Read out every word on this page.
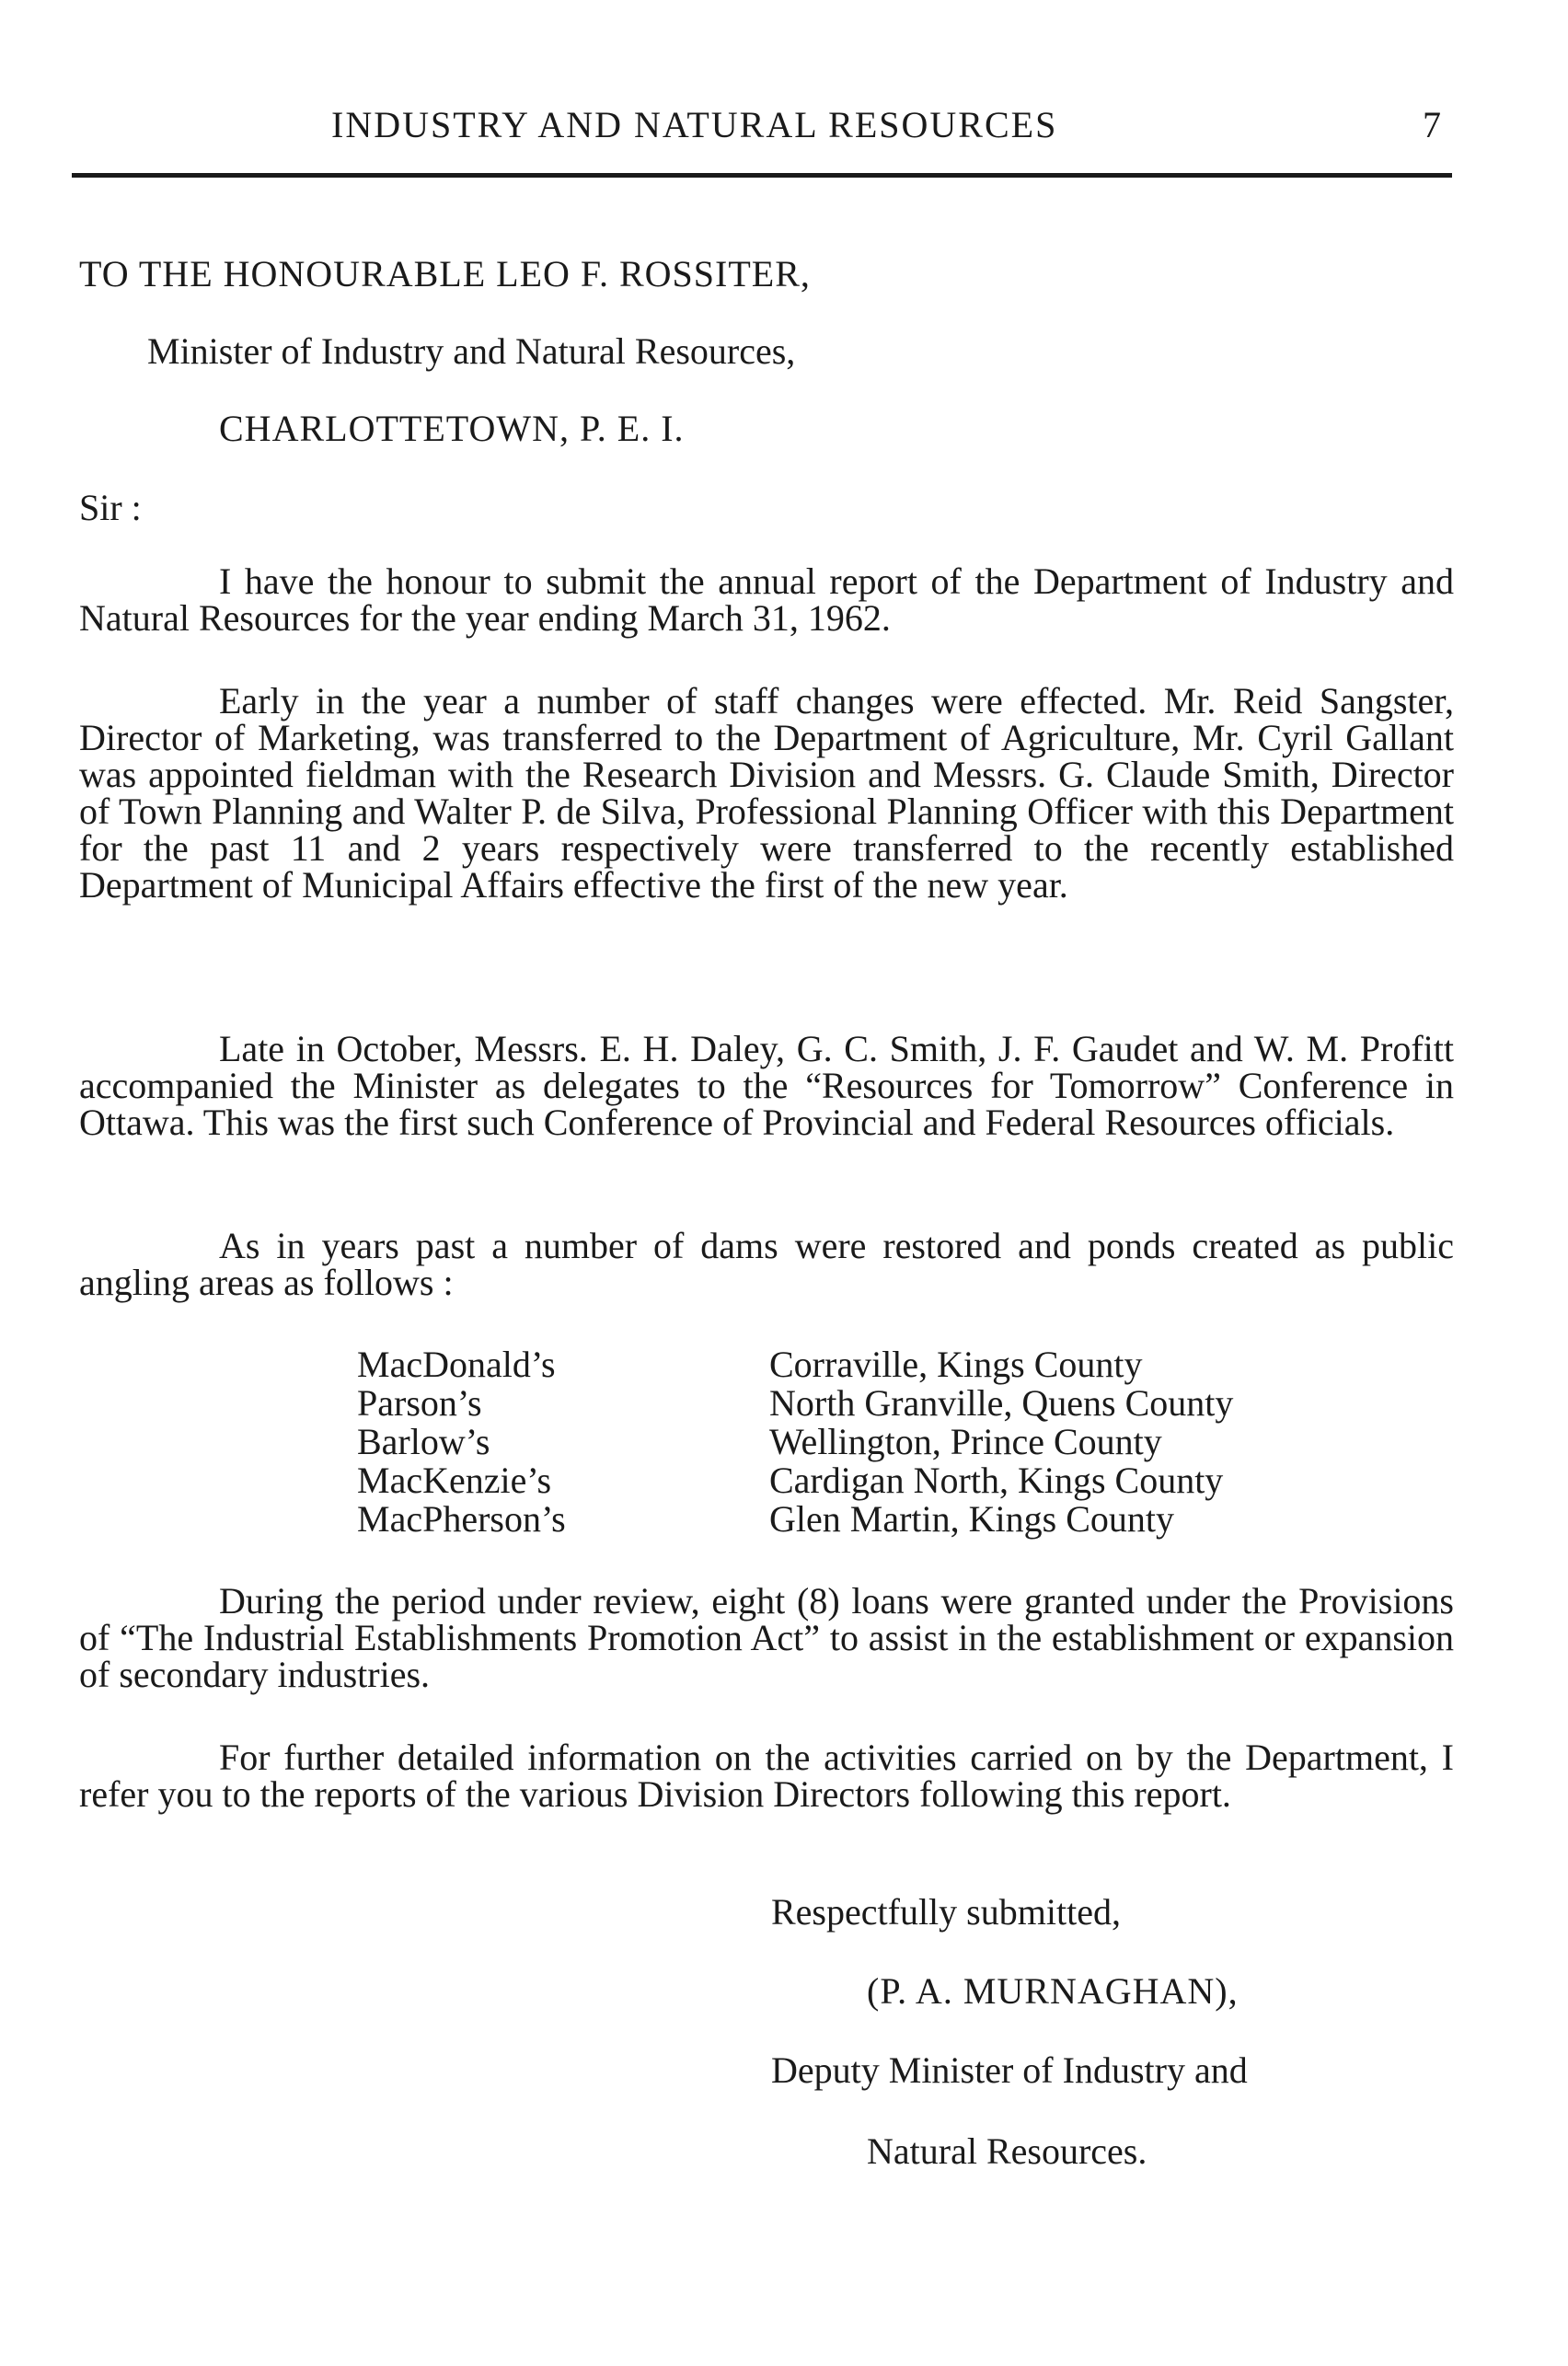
INDUSTRY AND NATURAL RESOURCES	7
TO THE HONOURABLE LEO F. ROSSITER,
Minister of Industry and Natural Resources,
CHARLOTTETOWN, P. E. I.
Sir :

I have the honour to submit the annual report of the Department of Industry and Natural Resources for the year ending March 31, 1962.

Early in the year a number of staff changes were effected. Mr. Reid Sangster, Director of Marketing, was transferred to the Department of Agriculture, Mr. Cyril Gallant was appointed fieldman with the Research Division and Messrs. G. Claude Smith, Director of Town Planning and Walter P. de Silva, Professional Planning Officer with this Department for the past 11 and 2 years respectively were transferred to the recently established Department of Municipal Affairs effective the first of the new year.

Late in October, Messrs. E. H. Daley, G. C. Smith, J. F. Gaudet and W. M. Profitt accompanied the Minister as delegates to the “Resources for Tomorrow” Conference in Ottawa. This was the first such Conference of Provincial and Federal Resources officials.

As in years past a number of dams were restored and ponds created as public angling areas as follows :

MacDonald’s	Corraville, Kings County
Parson’s	North Granville, Quens County
Barlow’s	Wellington, Prince County
MacKenzie’s	Cardigan North, Kings County
MacPherson’s	Glen Martin, Kings County

During the period under review, eight (8) loans were granted under the Provisions of “The Industrial Establishments Promotion Act” to assist in the establishment or expansion of secondary industries.

For further detailed information on the activities carried on by the Department, I refer you to the reports of the various Division Directors following this report.

Respectfully submitted,
(P. A. MURNAGHAN),
Deputy Minister of Industry and
Natural Resources.
